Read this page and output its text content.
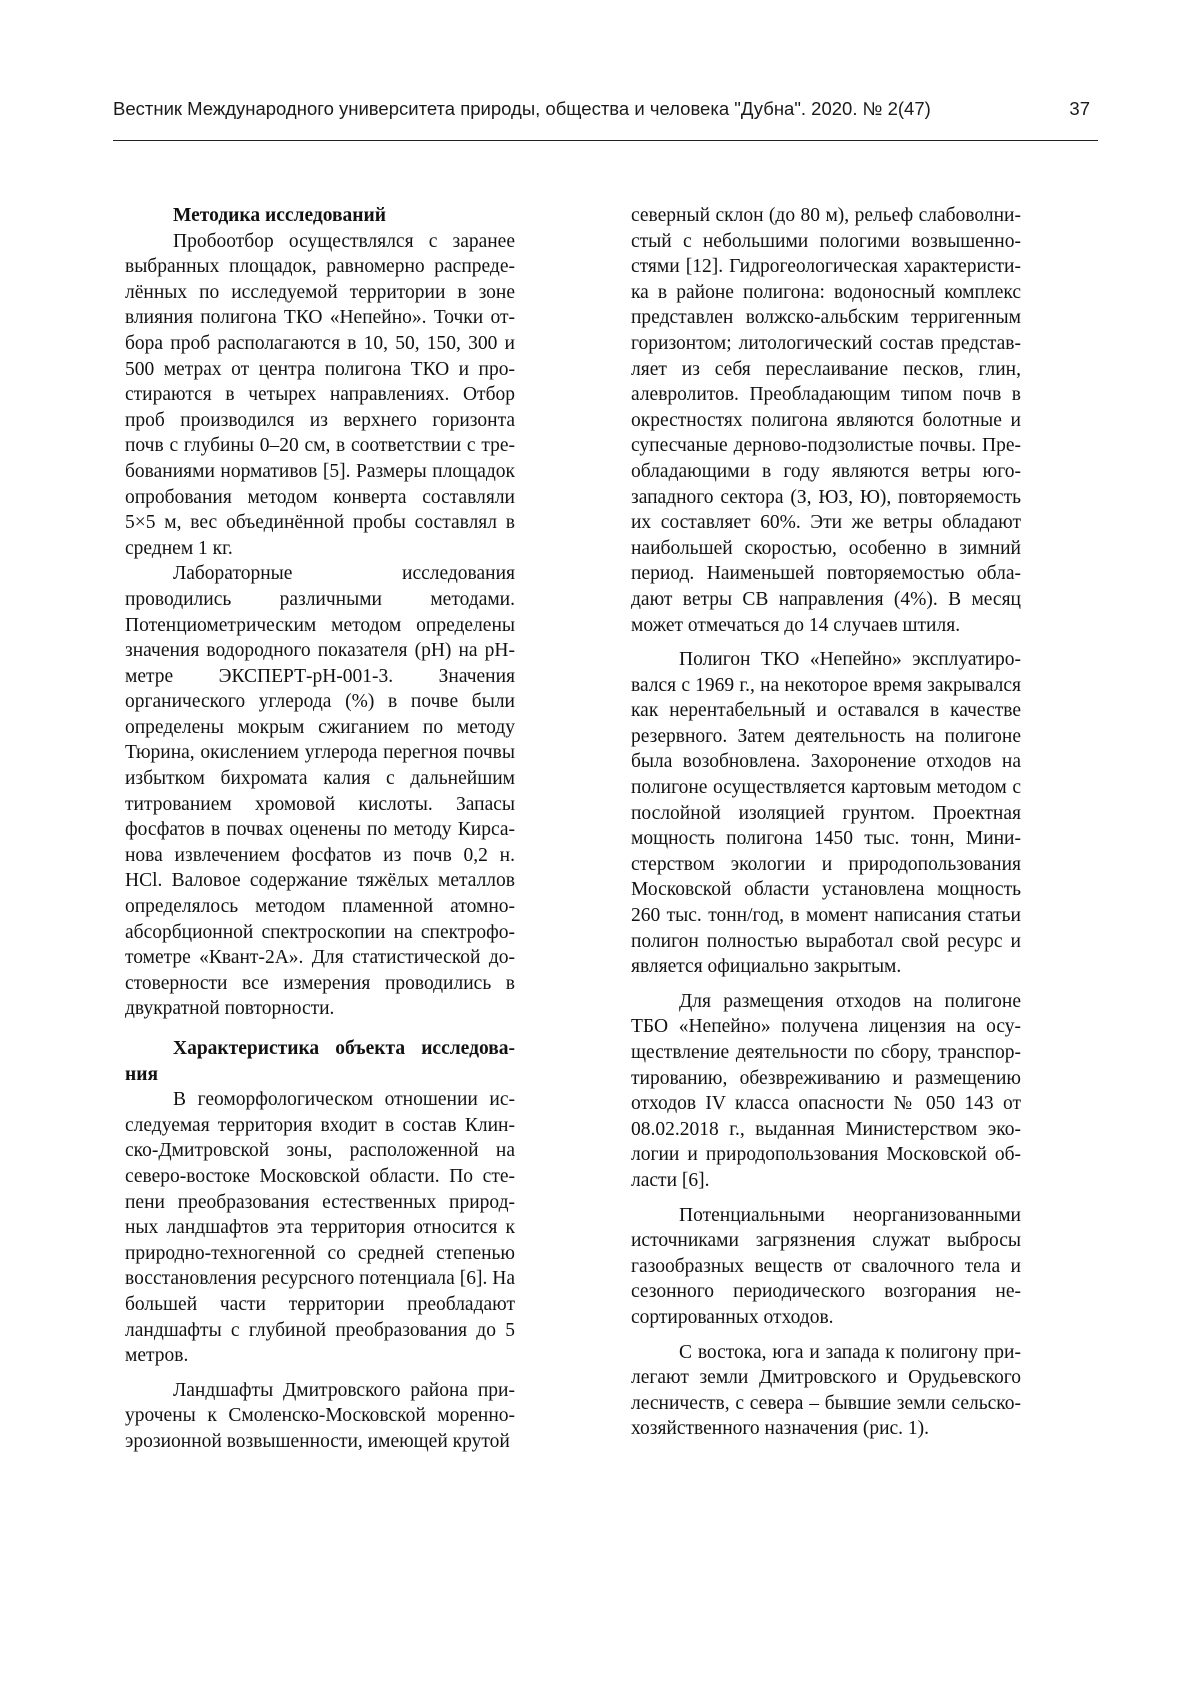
Вестник Международного университета природы, общества и человека "Дубна". 2020. № 2(47)	37
Методика исследований

Пробоотбор осуществлялся с заранее выбранных площадок, равномерно распределённых по исследуемой территории в зоне влияния полигона ТКО «Непейно». Точки отбора проб располагаются в 10, 50, 150, 300 и 500 метрах от центра полигона ТКО и простираются в четырех направлениях. Отбор проб производился из верхнего горизонта почв с глубины 0–20 см, в соответствии с требованиями нормативов [5]. Размеры площадок опробования методом конверта составляли 5×5 м, вес объединённой пробы составлял в среднем 1 кг.

Лабораторные исследования проводились различными методами. Потенциометрическим методом определены значения водородного показателя (pH) на pH-метре ЭКСПЕРТ-pH-001-3. Значения органического углерода (%) в почве были определены мокрым сжиганием по методу Тюрина, окислением углерода перегноя почвы избытком бихромата калия с дальнейшим титрованием хромовой кислоты. Запасы фосфатов в почвах оценены по методу Кирсанова извлечением фосфатов из почв 0,2 н. HCl. Валовое содержание тяжёлых металлов определялось методом пламенной атомно-абсорбционной спектроскопии на спектрофотометре «Квант-2А». Для статистической достоверности все измерения проводились в двукратной повторности.

Характеристика объекта исследования

В геоморфологическом отношении исследуемая территория входит в состав Клинско-Дмитровской зоны, расположенной на северо-востоке Московской области. По степени преобразования естественных природных ландшафтов эта территория относится к природно-техногенной со средней степенью восстановления ресурсного потенциала [6]. На большей части территории преобладают ландшафты с глубиной преобразования до 5 метров.

Ландшафты Дмитровского района приурочены к Смоленско-Московской моренно-эрозионной возвышенности, имеющей крутой

северный склон (до 80 м), рельеф слабоволнистый с небольшими пологими возвышенностями [12]. Гидрогеологическая характеристика в районе полигона: водоносный комплекс представлен волжско-альбским терригенным горизонтом; литологический состав представляет из себя переслаивание песков, глин, алевролитов. Преобладающим типом почв в окрестностях полигона являются болотные и супесчаные дерново-подзолистые почвы. Преобладающими в году являются ветры юго-западного сектора (З, ЮЗ, Ю), повторяемость их составляет 60%. Эти же ветры обладают наибольшей скоростью, особенно в зимний период. Наименьшей повторяемостью обладают ветры СВ направления (4%). В месяц может отмечаться до 14 случаев штиля.

Полигон ТКО «Непейно» эксплуатировался с 1969 г., на некоторое время закрывался как нерентабельный и оставался в качестве резервного. Затем деятельность на полигоне была возобновлена. Захоронение отходов на полигоне осуществляется картовым методом с послойной изоляцией грунтом. Проектная мощность полигона 1450 тыс. тонн, Министерством экологии и природопользования Московской области установлена мощность 260 тыс. тонн/год, в момент написания статьи полигон полностью выработал свой ресурс и является официально закрытым.

Для размещения отходов на полигоне ТБО «Непейно» получена лицензия на осуществление деятельности по сбору, транспортированию, обезвреживанию и размещению отходов IV класса опасности № 050 143 от 08.02.2018 г., выданная Министерством экологии и природопользования Московской области [6].

Потенциальными неорганизованными источниками загрязнения служат выбросы газообразных веществ от свалочного тела и сезонного периодического возгорания несортированных отходов.

С востока, юга и запада к полигону прилегают земли Дмитровского и Орудьевского лесничеств, с севера – бывшие земли сельскохозяйственного назначения (рис. 1).
